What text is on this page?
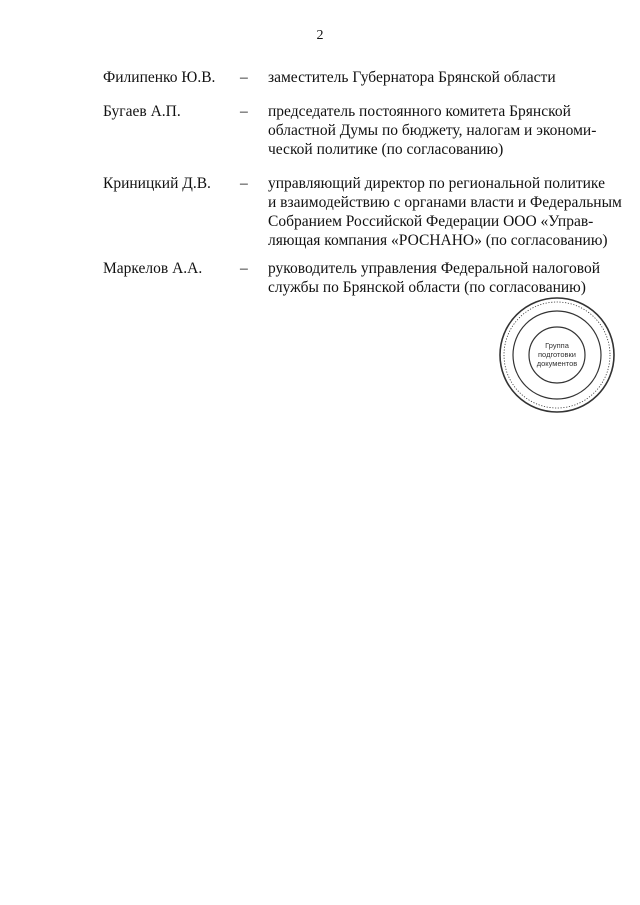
2
Филипенко Ю.В. – заместитель Губернатора Брянской области
Бугаев А.П.	– председатель постоянного комитета Брянской
областной Думы по бюджету, налогам и экономи-
ческой политике (по согласованию)
Криницкий Д.В. – управляющий директор по региональной политике
и взаимодействию с органами власти и Федеральным
Собранием Российской Федерации ООО «Управ-
ляющая компания «РОСНАНО» (по согласованию)
Маркелов А.А. – руководитель управления Федеральной налоговой
службы по Брянской области (по согласованию)
Группа
подготовки
документов
